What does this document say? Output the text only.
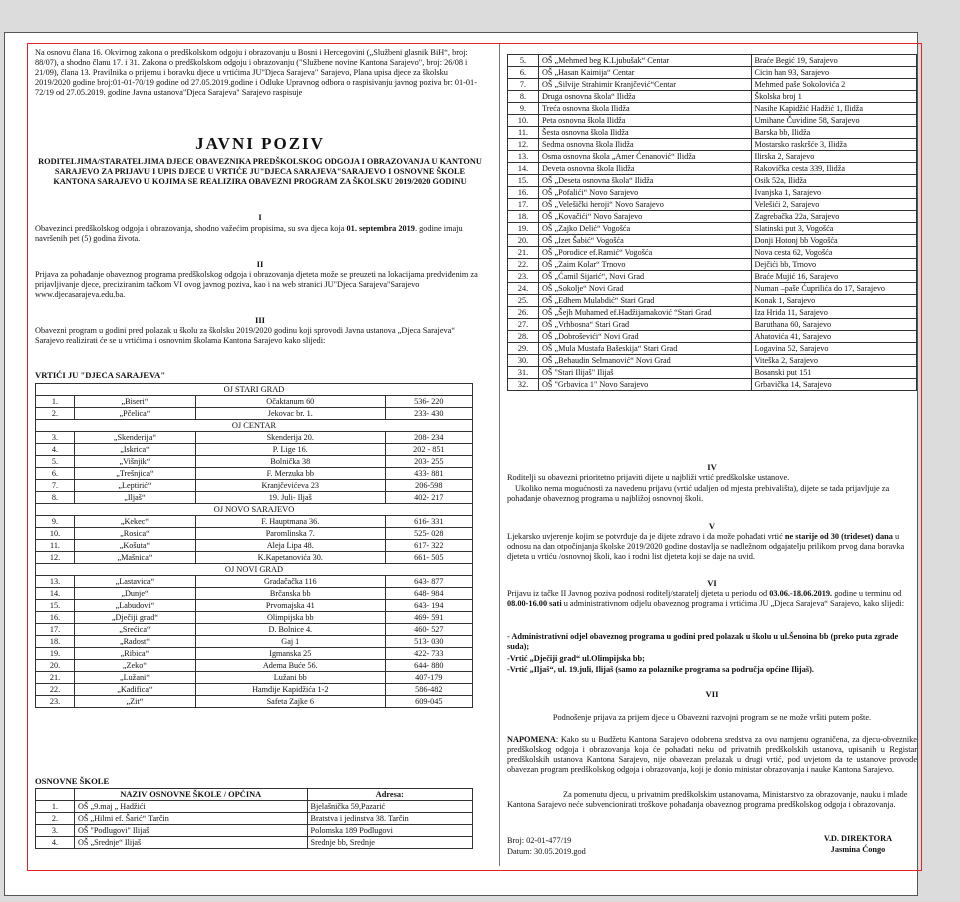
Na osnovu člana 16. Okvirnog zakona o predškolskom odgoju i obrazovanju u Bosni i Hercegovini („Službeni glasnik BiH“, broj: 88/07), a shodno članu 17. i 31. Zakona o predškolskom odgoju i obrazovanju ("Službene novine Kantona Sarajevo", broj: 26/08 i 21/09), člana 13. Pravilnika o prijemu i boravku djece u vrtićima JU"Djeca Sarajeva" Sarajevo, Plana upisa djece za školsku 2019/2020 godine broj:01-01-70/19 godine od 27.05.2019.godine i Odluke Upravnog odbora o raspisivanju javnog poziva br: 01-01-72/19 od 27.05.2019. godine Javna ustanova"Djeca Sarajeva" Sarajevo raspisuje

JAVNI POZIV

RODITELJIMA/STARATELJIMA DJECE OBAVEZNIKA PREDŠKOLSKOG ODGOJA I OBRAZOVANJA U KANTONU SARAJEVO ZA PRIJAVU I UPIS DJECE U VRTIĆE JU"DJECA SARAJEVA"SARAJEVO I OSNOVNE ŠKOLE KANTONA SARAJEVO U KOJIMA SE REALIZIRA OBAVEZNI PROGRAM ZA ŠKOLSKU 2019/2020 GODINU

I

Obavezinci predškolskog odgoja i obrazovanja, shodno važećim propisima, su sva djeca koja 01. septembra 2019. godine imaju navršenih pet (5) godina života.

II

Prijava za pohađanje obaveznog programa predškolskog odgoja i obrazovanja djeteta može se preuzeti na lokacijama predviđenim za prijavljivanje djece, preciziranim tačkom VI ovog javnog poziva, kao i na web stranici JU"Djeca Sarajeva"Sarajevo www.djecasarajeva.edu.ba.

III

Obavezni program u godini pred polazak u školu za školsku 2019/2020 godinu koji sprovodi Javna ustanova „Djeca Sarajeva“ Sarajevo realizirati će se u vrtićima i osnovnim školama Kantona Sarajevo kako slijedi:

VRTIĆI JU "DJECA SARAJEVA"
OJ STARI GRAD			
1.	„Biseri“	Očaktanum 60	536- 220
2.	„Pčelica“	Jekovac br. 1.	233- 430
OJ CENTAR			
3.	„Skenderija“	Skenderija 20.	208- 234
4.	„Iskrica“	P. Lige 16.	202 - 851
5.	„Višnjik“	Bolnička 38	203- 255
6.	„Trešnjica“	F. Merzuka bb	433- 881
7.	„Leptirić“	Kranjčevićeva 23	206-598
8.	„Iljaš“	19. Juli- Iljaš	402- 217
OJ NOVO SARAJEVO			
9.	„Kekec“	F. Hauptmana 36.	616- 331
10.	„Rosica“	Paromlinska 7.	525- 028
11.	„Košuta“	Aleja Lipa 48.	617- 322
12.	„Mašnica“	K.Kapetanovića 30.	661- 505
OJ NOVI GRAD			
13.	„Lastavica“	Gradačačka 116	643- 877
14.	„Dunje“	Brčanska bb	648- 984
15.	„Labudovi“	Prvomajska 41	643- 194
16.	„Dječiji grad“	Olimpijska bb	469- 591
17.	„Srećica“	D. Bolnice 4.	460- 527
18.	„Radost“	Gaj 1	513- 030
19.	„Ribica“	Igmanska 25	422- 733
20.	„Zeko“	Adema Buće 56.	644- 880
21.	„Lužani“	Lužani bb	407-179
22.	„Kadifica“	Hamdije Kapidžića 1-2	586-482
23.	„Zit“	Safeta Zajke 6	609-045
OSNOVNE ŠKOLE
	NAZIV OSNOVNE ŠKOLE / OPĆINA	Adresa:
1.	OŠ „9.maj „ Hadžići	Bjelašnička 59,Pazarić
2.	OŠ „Hilmi ef. Šarić“ Tarčin	Bratstva i jedinstva 38. Tarčin
3.	OŠ "Podlugovi" Ilijaš	Polomska 189 Podlugovi
4.	OŠ „Srednje“ Ilijaš	Srednje bb, Srednje
5.	OŠ „Mehmed beg K.Ljubušak“ Centar	Braće Begić 19, Sarajevo
6.	OŠ „Hasan Kaimija“ Centar	Cicin han 93, Sarajevo
7.	OŠ „Silvije Strahimir Kranjčević“Centar	Mehmed paše Sokolovića 2
8.	Druga osnovna škola“ Ilidža	Školska broj 1
9.	Treća osnovna škola Ilidža	Nasihe Kapidžić Hadžić 1, Ilidža
10.	Peta osnovna škola Ilidža	Umihane Čuvidine 58, Sarajevo
11.	Šesta osnovna škola Ilidža	Barska bb, Ilidža
12.	Sedma osnovna škola Ilidža	Mostarsko raskršće 3, Ilidža
13.	Osma osnovna škola „Amer Ćenanović“ Ilidža	Ilirska 2, Sarajevo
14.	Deveta osnovna škola Ilidža	Rakovička cesta 339, Ilidža
15.	OŠ „Deseta osnovna škola“ Ilidža	Osik 52a, Ilidža
16.	OŠ „Pofalići“ Novo Sarajevo	Ivanjska 1, Sarajevo
17.	OŠ „Velešički heroji“ Novo Sarajevo	Velešići 2, Sarajevo
18.	OŠ „Kovačići“ Novo Sarajevo	Zagrebačka 22a, Sarajevo
19.	OŠ „Zajko Delić“ Vogošća	Slatinski put 3, Vogošća
20.	OŠ „Izet Šabić“ Vogošća	Donji Hotonj bb Vogošća
21.	OŠ „Porodice ef.Ramić“ Vogošća	Nova cesta 62, Vogošća
22.	OŠ „Zaim Kolar“ Trnovo	Dejčići bb, Trnovo
23.	OŠ „Ćamil Sijarić“, Novi Grad	Braće Mujić 16, Sarajevo
24.	OŠ „Sokolje“ Novi Grad	Numan –paše Ćuprilića do 17, Sarajevo
25.	OŠ „Edhem Mulabdić“ Stari Grad	Konak 1, Sarajevo
26.	OŠ „Šejh Muhamed ef.Hadžijamaković “Stari Grad	Iza Hrida 11, Sarajevo
27.	OŠ „Vrhbosna“ Stari Grad	Baruthana 60, Sarajevo
28.	OŠ „Dobroševići“ Novi Grad	Ahatovića 41, Sarajevo
29.	OŠ „Mula Mustafa Bašeskija“ Stari Grad	Logavina 52, Sarajevo
30.	OŠ „Behaudin Selmanović“ Novi Grad	Viteška 2, Sarajevo
31.	OŠ "Stari Ilijaš" Ilijaš	Bosanski put 151
32.	OŠ "Grbavica 1" Novo Sarajevo	Grbavička 14, Sarajevo
IV

Roditelji su obavezni prioritetno prijaviti dijete u najbliži vrtić predškolske ustanove.

Ukoliko nema mogućnosti za navedenu prijavu (vrtić udaljen od mjesta prebivališta), dijete se tada prijavljuje za pohađanje obaveznog programa u najbližoj osnovnoj školi.

V

Ljekarsko uvjerenje kojim se potvrđuje da je dijete zdravo i da može pohađati vrtić ne starije od 30 (trideset) dana u odnosu na dan otpočinjanja školske 2019/2020 godine dostavlja se nadležnom odgajatelju prilikom prvog dana boravka djeteta u vrtiću /osnovnoj školi, kao i rodni list djeteta koji se daje na uvid.

VI

Prijavu iz tačke II Javnog poziva podnosi roditelj/staratelj djeteta u periodu od 03.06.-18.06.2019. godine u terminu od 08.00-16.00 sati u administrativnom odjelu obaveznog programa i vrtićima JU „Djeca Sarajeva“ Sarajevo, kako slijedi:

- Administrativni odjel obaveznog programa u godini pred polazak u školu u ul.Šenoina bb (preko puta zgrade suda);

-Vrtić „Dječiji grad“ ul.Olimpijska bb;

-Vrtić „Iljaš“, ul. 19.juli, Ilijaš (samo za polaznike programa sa područja općine Ilijaš).

VII

Podnošenje prijava za prijem djece u Obavezni razvojni program se ne može vršiti putem pošte.

NAPOMENA: Kako su u Budžetu Kantona Sarajevo odobrena sredstva za ovu namjenu ograničena, za djecu-obveznike predškolskog odgoja i obrazovanja koja će pohađati neku od privatnih predškolskih ustanova, upisanih u Registar predškolskih ustanova Kantona Sarajevo, nije obavezan prelazak u drugi vrtić, pod uvjetom da te ustanove provode obavezan program predškolskog odgoja i obrazovanja, koji je donio ministar obrazovanja i nauke Kantona Sarajevo.

Za pomenutu djecu, u privatnim predškolskim ustanovama, Ministarstvo za obrazovanje, nauku i mlade Kantona Sarajevo neće subvencionirati troškove pohađanja obaveznog programa predškolskog odgoja i obrazovanja.

Broj: 02-01-477/19

Datum: 30.05.2019.god

V.D. DIREKTORA

Jasmina Ćongo
